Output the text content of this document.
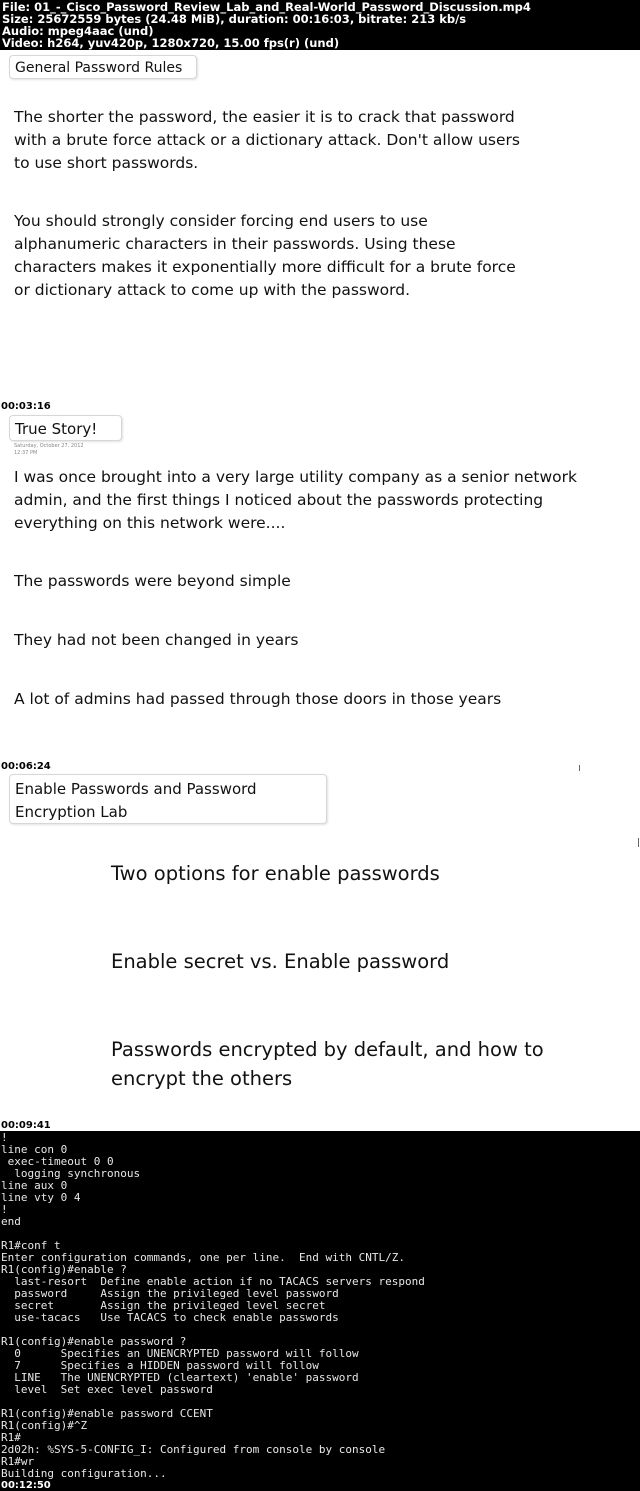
File: 01_-_Cisco_Password_Review_Lab_and_Real-World_Password_Discussion.mp4
Size: 25672559 bytes (24.48 MiB), duration: 00:16:03, bitrate: 213 kb/s
Audio: mpeg4aac (und)
Video: h264, yuv420p, 1280x720, 15.00 fps(r) (und)
General Password Rules

The shorter the password, the easier it is to crack that password with a brute force attack or a dictionary attack. Don't allow users to use short passwords.

You should strongly consider forcing end users to use alphanumeric characters in their passwords. Using these characters makes it exponentially more difficult for a brute force or dictionary attack to come up with the password.

True Story!
Saturday, October 27, 2012
12:37 PM

I was once brought into a very large utility company as a senior network admin, and the first things I noticed about the passwords protecting everything on this network were....

The passwords were beyond simple

They had not been changed in years

A lot of admins had passed through those doors in those years

00:03:16
Enable Passwords and Password Encryption Lab

Two options for enable passwords

Enable secret vs. Enable password

Passwords encrypted by default, and how to encrypt the others

00:06:24
!
line con 0
exec-timeout 0 0
logging synchronous
line aux 0
line vty 0 4
!
end

R1#conf t
Enter configuration commands, one per line.  End with CNTL/Z.
R1(config)#enable ?
last-resort  Define enable action if no TACACS servers respond
password     Assign the privileged level password
secret       Assign the privileged level secret
use-tacacs   Use TACACS to check enable passwords

R1(config)#enable password ?
0      Specifies an UNENCRYPTED password will follow
7      Specifies a HIDDEN password will follow
LINE   The UNENCRYPTED (cleartext) 'enable' password
level  Set exec level password

R1(config)#enable password CCENT
R1(config)#^Z
R1#
2d02h: %SYS-5-CONFIG_I: Configured from console by console
R1#wr
Building configuration...
00:09:41
00:12:50
